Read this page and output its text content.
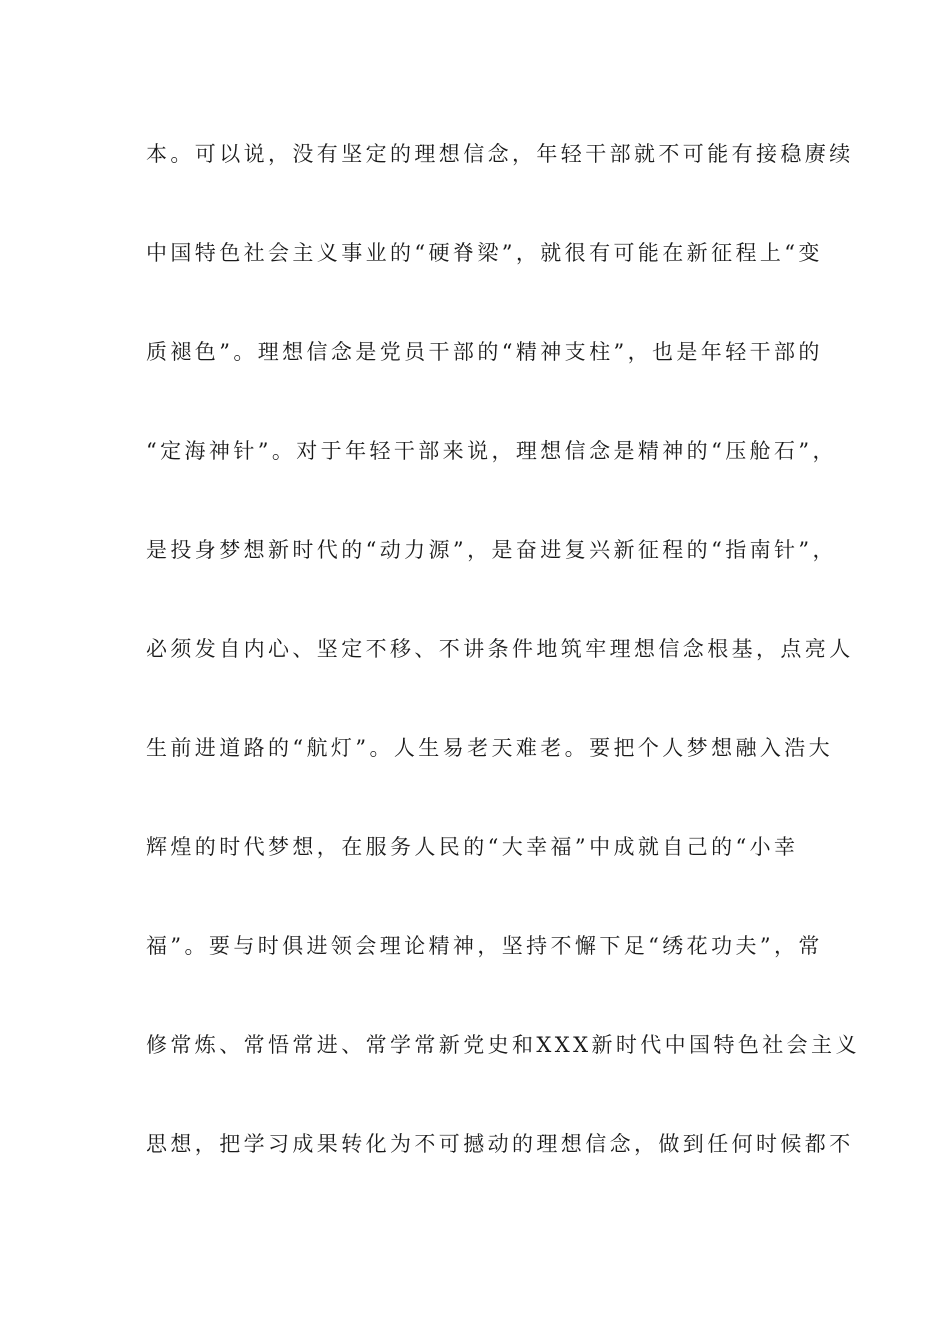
本。可以说，没有坚定的理想信念，年轻干部就不可能有接稳赓续
中国特色社会主义事业的“硬脊梁”，就很有可能在新征程上“变
质褪色”。理想信念是党员干部的“精神支柱”，也是年轻干部的
“定海神针”。对于年轻干部来说，理想信念是精神的“压舱石”，
是投身梦想新时代的“动力源”，是奋进复兴新征程的“指南针”，
必须发自内心、坚定不移、不讲条件地筑牢理想信念根基，点亮人
生前进道路的“航灯”。人生易老天难老。要把个人梦想融入浩大
辉煌的时代梦想，在服务人民的“大幸福”中成就自己的“小幸
福”。要与时俱进领会理论精神，坚持不懈下足“绣花功夫”，常
修常炼、常悟常进、常学常新党史和XXX新时代中国特色社会主义
思想，把学习成果转化为不可撼动的理想信念，做到任何时候都不
